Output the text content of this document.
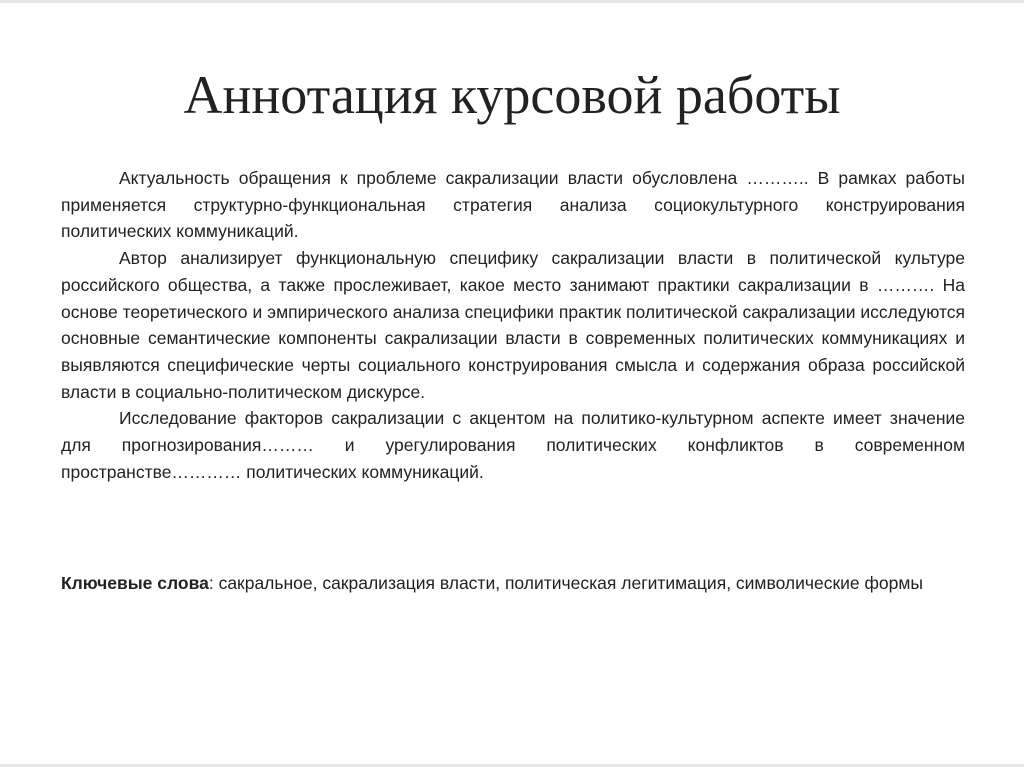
Аннотация курсовой работы

Актуальность обращения к проблеме сакрализации власти обусловлена ……….. В рамках работы применяется структурно-функциональная стратегия анализа социокультурного конструирования политических коммуникаций.

Автор анализирует функциональную специфику сакрализации власти в политической культуре российского общества, а также прослеживает, какое место занимают практики сакрализации в ………. На основе теоретического и эмпирического анализа специфики практик политической сакрализации исследуются основные семантические компоненты сакрализации власти в современных политических коммуникациях и выявляются специфические черты социального конструирования смысла и содержания образа российской власти в социально-политическом дискурсе.

Исследование факторов сакрализации с акцентом на политико-культурном аспекте имеет значение для прогнозирования……… и урегулирования политических конфликтов в современном пространстве………… политических коммуникаций.

Ключевые слова: сакральное, сакрализация власти, политическая легитимация, символические формы
